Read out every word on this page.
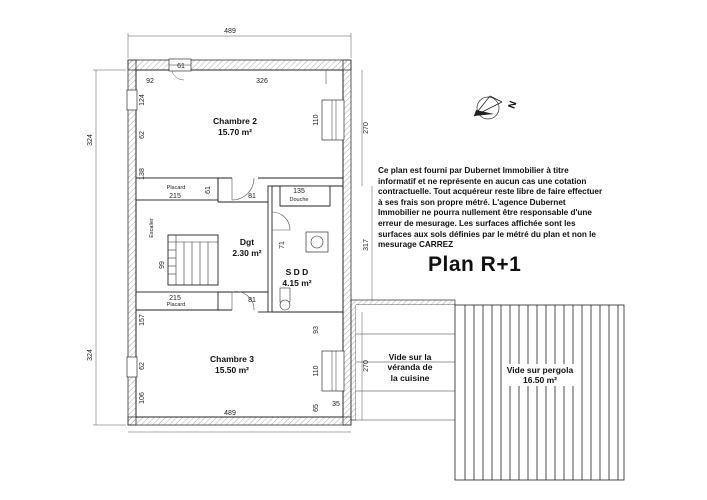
N
489
489
324
324
270
317
270
61
92	326
124
62
110
138
215
61
81
135
71
99
215	81
157
62
106
93
110
65 35
Chambre 2
15.70 m²
Chambre 3
15.50 m²
Dgt
2.30 m²
S D D
4.15 m²
Placard
Placard
Douche
Escalier
Vide sur la
véranda de
la cuisine
Vide sur pergola
16.50 m²
Ce plan est fourni par Dubernet Immobilier à titre informatif et ne représente en aucun cas une cotation contractuelle. Tout acquéreur reste libre de faire effectuer à ses frais son propre métré. L'agence Dubernet Immobilier ne pourra nullement être responsable d'une erreur de mesurage. Les surfaces affichée sont les surfaces aux sols définies par le métré du plan et non le mesurage CARREZ
Plan R+1
